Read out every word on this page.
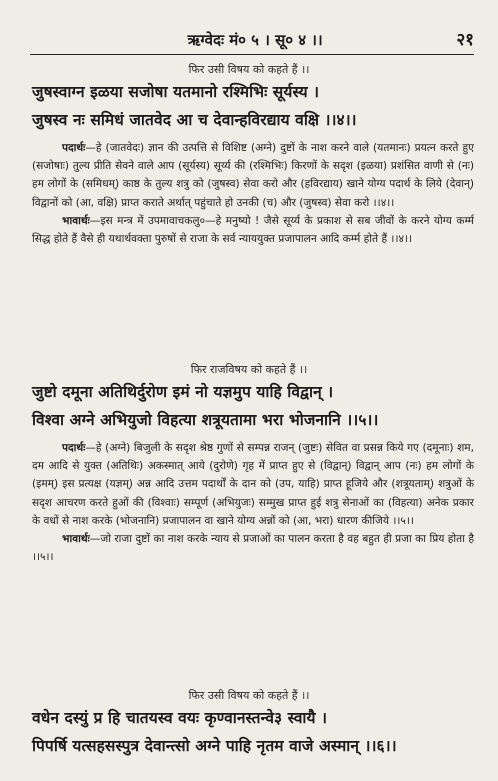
ऋग्वेदः मं० ५ । सू० ४ ।।	२१
फिर उसी विषय को कहते हैं ।।
जुषस्वाग्न इळया सजोषा यतमानो रश्मिभिः सूर्यस्य ।
जुषस्व नः समिधं जातवेद आ च देवान्हविरद्याय वक्षि ।।४।।
पदार्थः—हे (जातवेदः) ज्ञान की उत्पत्ति से विशिष्ट (अग्ने) दुष्टों के नाश करने वाले (यतमानः) प्रयत्न करते हुए (सजोषाः) तुल्य प्रीति सेवने वाले आप (सूर्यस्य) सूर्य्य की (रश्मिभिः) किरणों के सदृश (इळया) प्रशंसित वाणी से (नः) हम लोगों के (समिधम्) काष्ठ के तुल्य शत्रु को (जुषस्व) सेवा करो और (हविरद्याय) खाने योग्य पदार्थ के लिये (देवान्) विद्वानों को (आ, वक्षि) प्राप्त कराते अर्थात् पहुंचाते हो उनकी (च) और (जुषस्व) सेवा करो ।।४।।
भावार्थः—इस मन्त्र में उपमावाचकलु०—हे मनुष्यो ! जैसे सूर्य्य के प्रकाश से सब जीवों के करने योग्य कर्म्म सिद्ध होते हैं वैसे ही यथार्थवक्ता पुरुषों से राजा के सर्व न्याययुक्त प्रजापालन आदि कर्म्म होते हैं ।।४।।
फिर राजविषय को कहते हैं ।।
जुष्टो दमूना अतिथिर्दुरोण इमं नो यज्ञमुप याहि विद्वान् ।
विश्वा अग्ने अभियुजो विहत्या शत्रूयतामा भरा भोजनानि ।।५।।
पदार्थः—हे (अग्ने) बिजुली के सदृश श्रेष्ठ गुणों से सम्पन्न राजन् (जुष्टः) सेवित वा प्रसन्न किये गए (दमूनाः) शम, दम आदि से युक्त (अतिथिः) अकस्मात् आये (दुरोणे) गृह में प्राप्त हुए से (विद्वान्) विद्वान् आप (नः) हम लोगों के (इमम्) इस प्रत्यक्ष (यज्ञम्) अन्न आदि उत्तम पदार्थों के दान को (उप, याहि) प्राप्त हूजिये और (शत्रूयताम्) शत्रुओं के सदृश आचरण करते हुओं की (विश्वाः) सम्पूर्ण (अभियुजः) सम्मुख प्राप्त हुई शत्रु सेनाओं का (विहत्या) अनेक प्रकार के वधों से नाश करके (भोजनानि) प्रजापालन वा खाने योग्य अन्नों को (आ, भरा) धारण कीजिये ।।५।।
भावार्थः—जो राजा दुष्टों का नाश करके न्याय से प्रजाओं का पालन करता है वह बहुत ही प्रजा का प्रिय होता है ।।५।।
फिर उसी विषय को कहते हैं ।।
वधेन दस्युं प्र हि चातयस्व वयः कृण्वानस्तन्वे३ स्वायै ।
पिपर्षि यत्सहसस्पुत्र देवान्त्सो अग्ने पाहि नृतम वाजे अस्मान् ।।६।।
